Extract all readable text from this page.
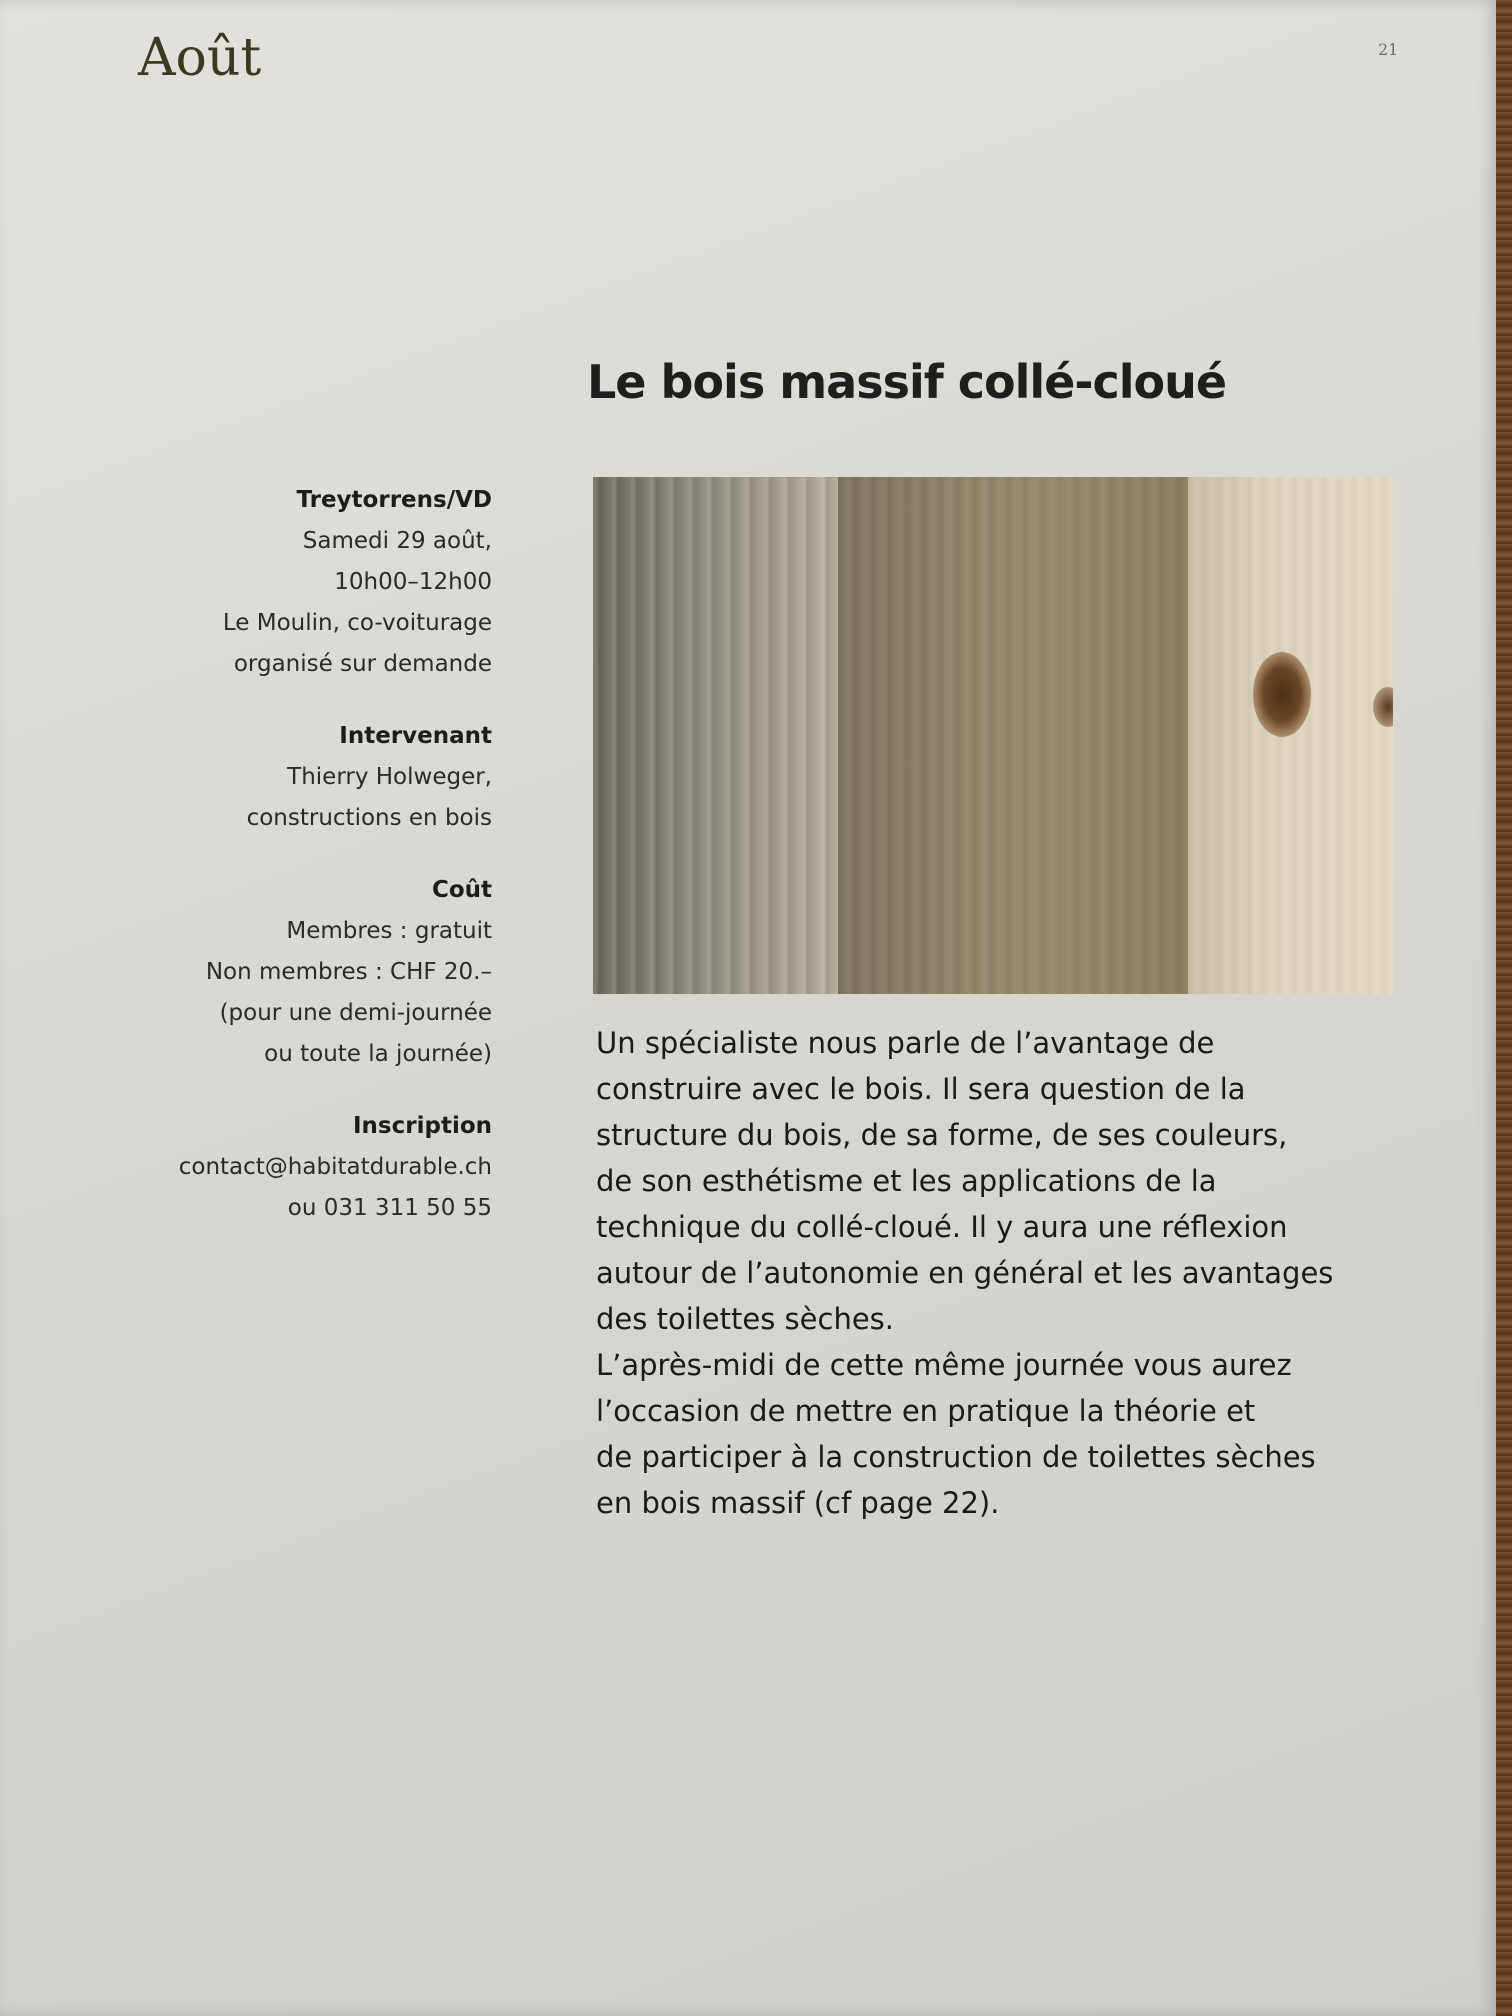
Août	21
Le bois massif collé-cloué
Treytorrens/VD
Samedi 29 août,
10h00–12h00
Le Moulin, co-voiturage
organisé sur demande
Intervenant
Thierry Holweger,
constructions en bois
Coût
Membres : gratuit
Non membres : CHF 20.–
(pour une demi-journée
ou toute la journée)
Inscription
contact@habitatdurable.ch
ou 031 311 50 55
Un spécialiste nous parle de l’avantage de
construire avec le bois. Il sera question de la
structure du bois, de sa forme, de ses couleurs,
de son esthétisme et les applications de la
technique du collé-cloué. Il y aura une réflexion
autour de l’autonomie en général et les avantages
des toilettes sèches.
L’après-midi de cette même journée vous aurez
l’occasion de mettre en pratique la théorie et
de participer à la construction de toilettes sèches
en bois massif (cf page 22).
